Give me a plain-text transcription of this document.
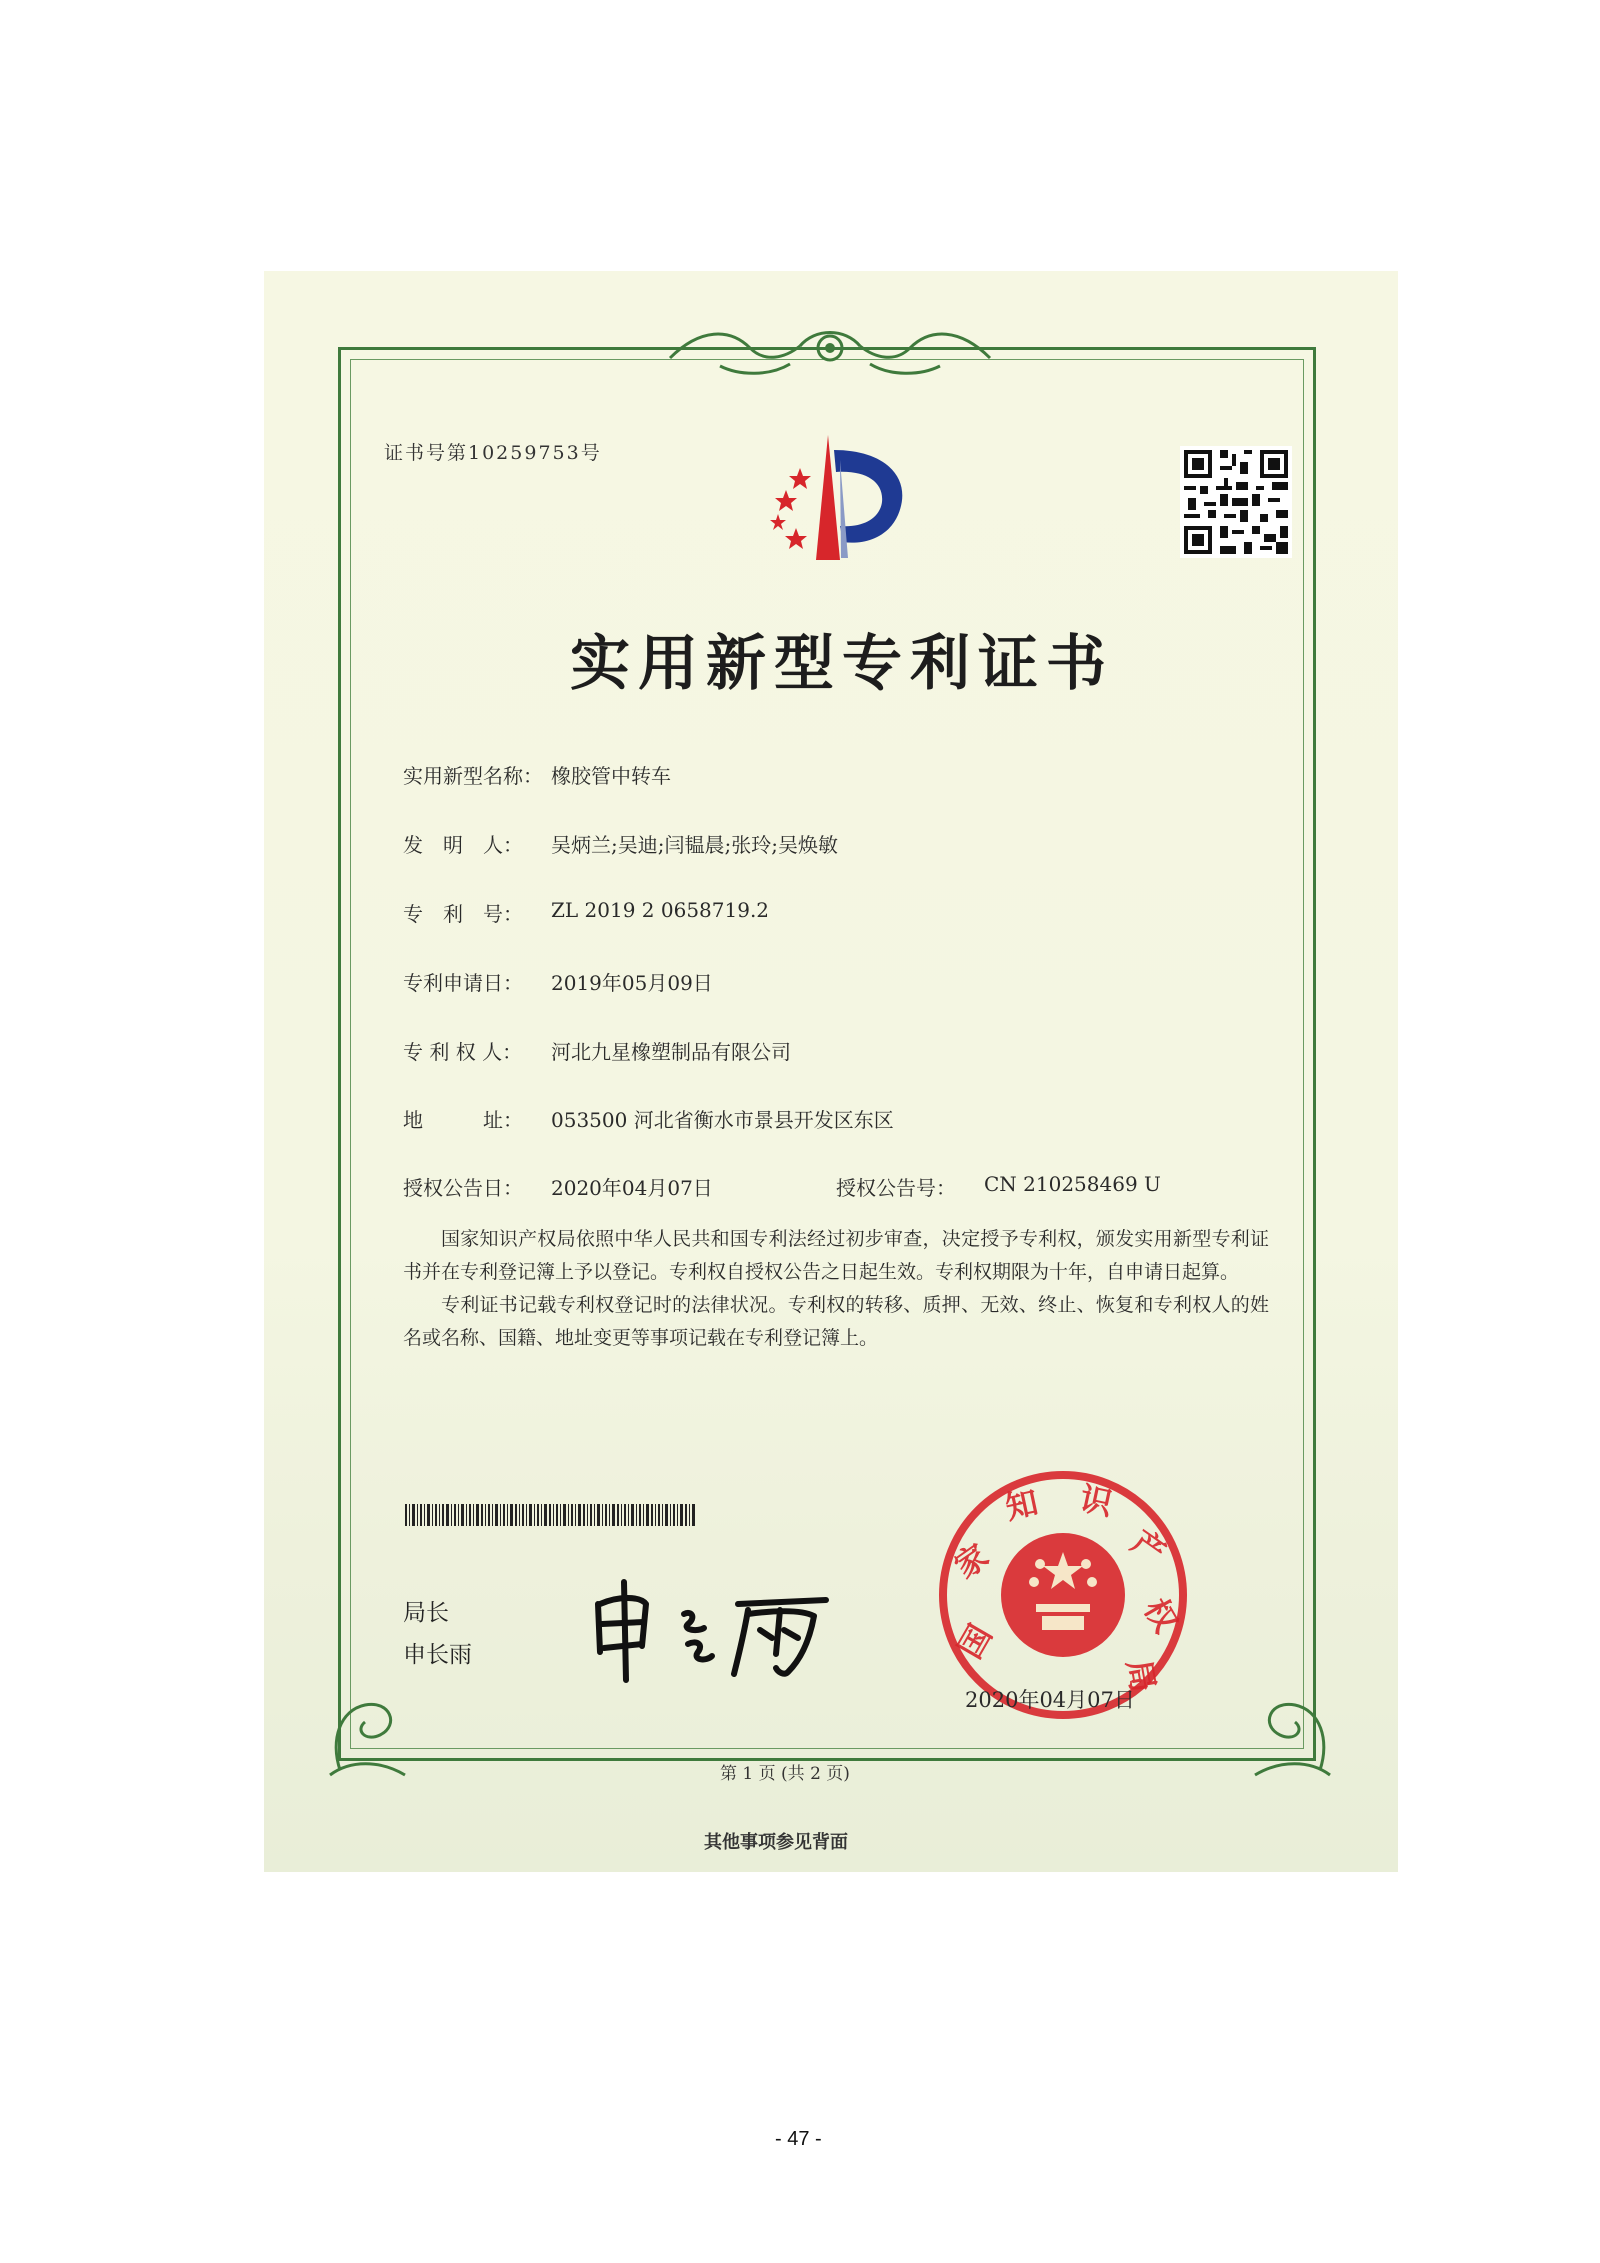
证书号第10259753号
实用新型专利证书
实用新型名称： 橡胶管中转车
发　明　人： 吴炳兰;吴迪;闫韫晨;张玲;吴焕敏
专　利　号： ZL 2019 2 0658719.2
专利申请日： 2019年05月09日
专 利 权 人： 河北九星橡塑制品有限公司
地　　　址： 053500 河北省衡水市景县开发区东区
授权公告日： 2020年04月07日	授权公告号： CN 210258469 U

国家知识产权局依照中华人民共和国专利法经过初步审查，决定授予专利权，颁发实用新型专利证书并在专利登记簿上予以登记。专利权自授权公告之日起生效。专利权期限为十年，自申请日起算。

专利证书记载专利权登记时的法律状况。专利权的转移、质押、无效、终止、恢复和专利权人的姓名或名称、国籍、地址变更等事项记载在专利登记簿上。

局长
申长雨	国
家
知 识
产
权
局
2020年04月07日
第 1 页 (共 2 页)
其他事项参见背面
- 47 -
